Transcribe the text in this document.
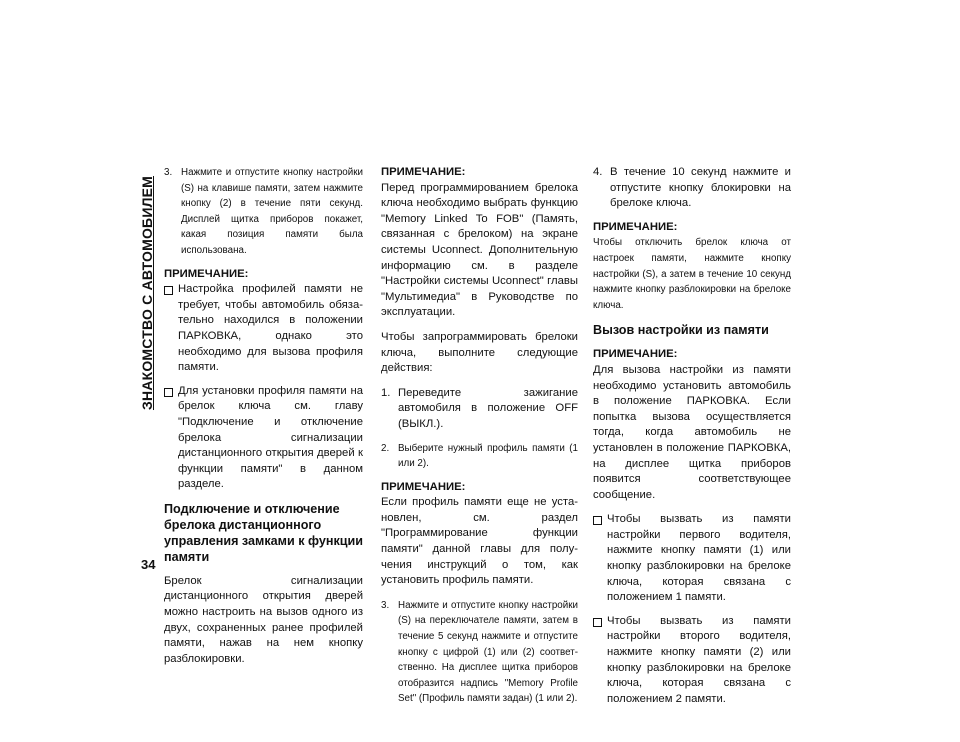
ЗНАКОМСТВО С АВТОМОБИЛЕМ
34
3. Нажмите и отпустите кнопку настройки (S) на клавише памяти, затем нажмите кнопку (2) в течение пяти секунд. Дисплей щитка приборов покажет, какая позиция памяти была использована.

ПРИМЕЧАНИЕ:

Настройка профилей памяти не требует, чтобы автомобиль обязательно находился в положении ПАРКОВКА, однако это необходимо для вызова профиля памяти.
Для установки профиля памяти на брелок ключа см. главу "Подключение и отключение брелока сигнализации дистанционного открытия дверей к функции памяти" в данном разделе.

Подключение и отключение брелока дистанционного управления замками к функции памяти

Брелок сигнализации дистанционного открытия дверей можно настроить на вызов одного из двух, сохраненных ранее профилей памяти, нажав на нем кнопку разблокировки.

ПРИМЕЧАНИЕ:

Перед программированием брелока ключа необходимо выбрать функцию "Memory Linked To FOB" (Память, связанная с брелоком) на экране системы Uconnect. Дополнительную информацию см. в разделе "Настройки системы Uconnect" главы "Мультимедиа" в Руководстве по эксплуатации.

Чтобы запрограммировать брелоки ключа, выполните следующие действия:

1. Переведите зажигание автомобиля в положение OFF (ВЫКЛ.).
2. Выберите нужный профиль памяти (1 или 2).

ПРИМЕЧАНИЕ:

Если профиль памяти еще не установлен, см. раздел "Программирование функции памяти" данной главы для получения инструкций о том, как установить профиль памяти.

3. Нажмите и отпустите кнопку настройки (S) на переключателе памяти, затем в течение 5 секунд нажмите и отпустите кнопку с цифрой (1) или (2) соответственно. На дисплее щитка приборов отобразится надпись "Memory Profile Set" (Профиль памяти задан) (1 или 2).
4. В течение 10 секунд нажмите и отпустите кнопку блокировки на брелоке ключа.

ПРИМЕЧАНИЕ:

Чтобы отключить брелок ключа от настроек памяти, нажмите кнопку настройки (S), а затем в течение 10 секунд нажмите кнопку разблокировки на брелоке ключа.

Вызов настройки из памяти

ПРИМЕЧАНИЕ:

Для вызова настройки из памяти необходимо установить автомобиль в положение ПАРКОВКА. Если попытка вызова осуществляется тогда, когда автомобиль не установлен в положение ПАРКОВКА, на дисплее щитка приборов появится соответствующее сообщение.

Чтобы вызвать из памяти настройки первого водителя, нажмите кнопку памяти (1) или кнопку разблокировки на брелоке ключа, которая связана с положением 1 памяти.
Чтобы вызвать из памяти настройки второго водителя, нажмите кнопку памяти (2) или кнопку разблокировки на брелоке ключа, которая связана с положением 2 памяти.
